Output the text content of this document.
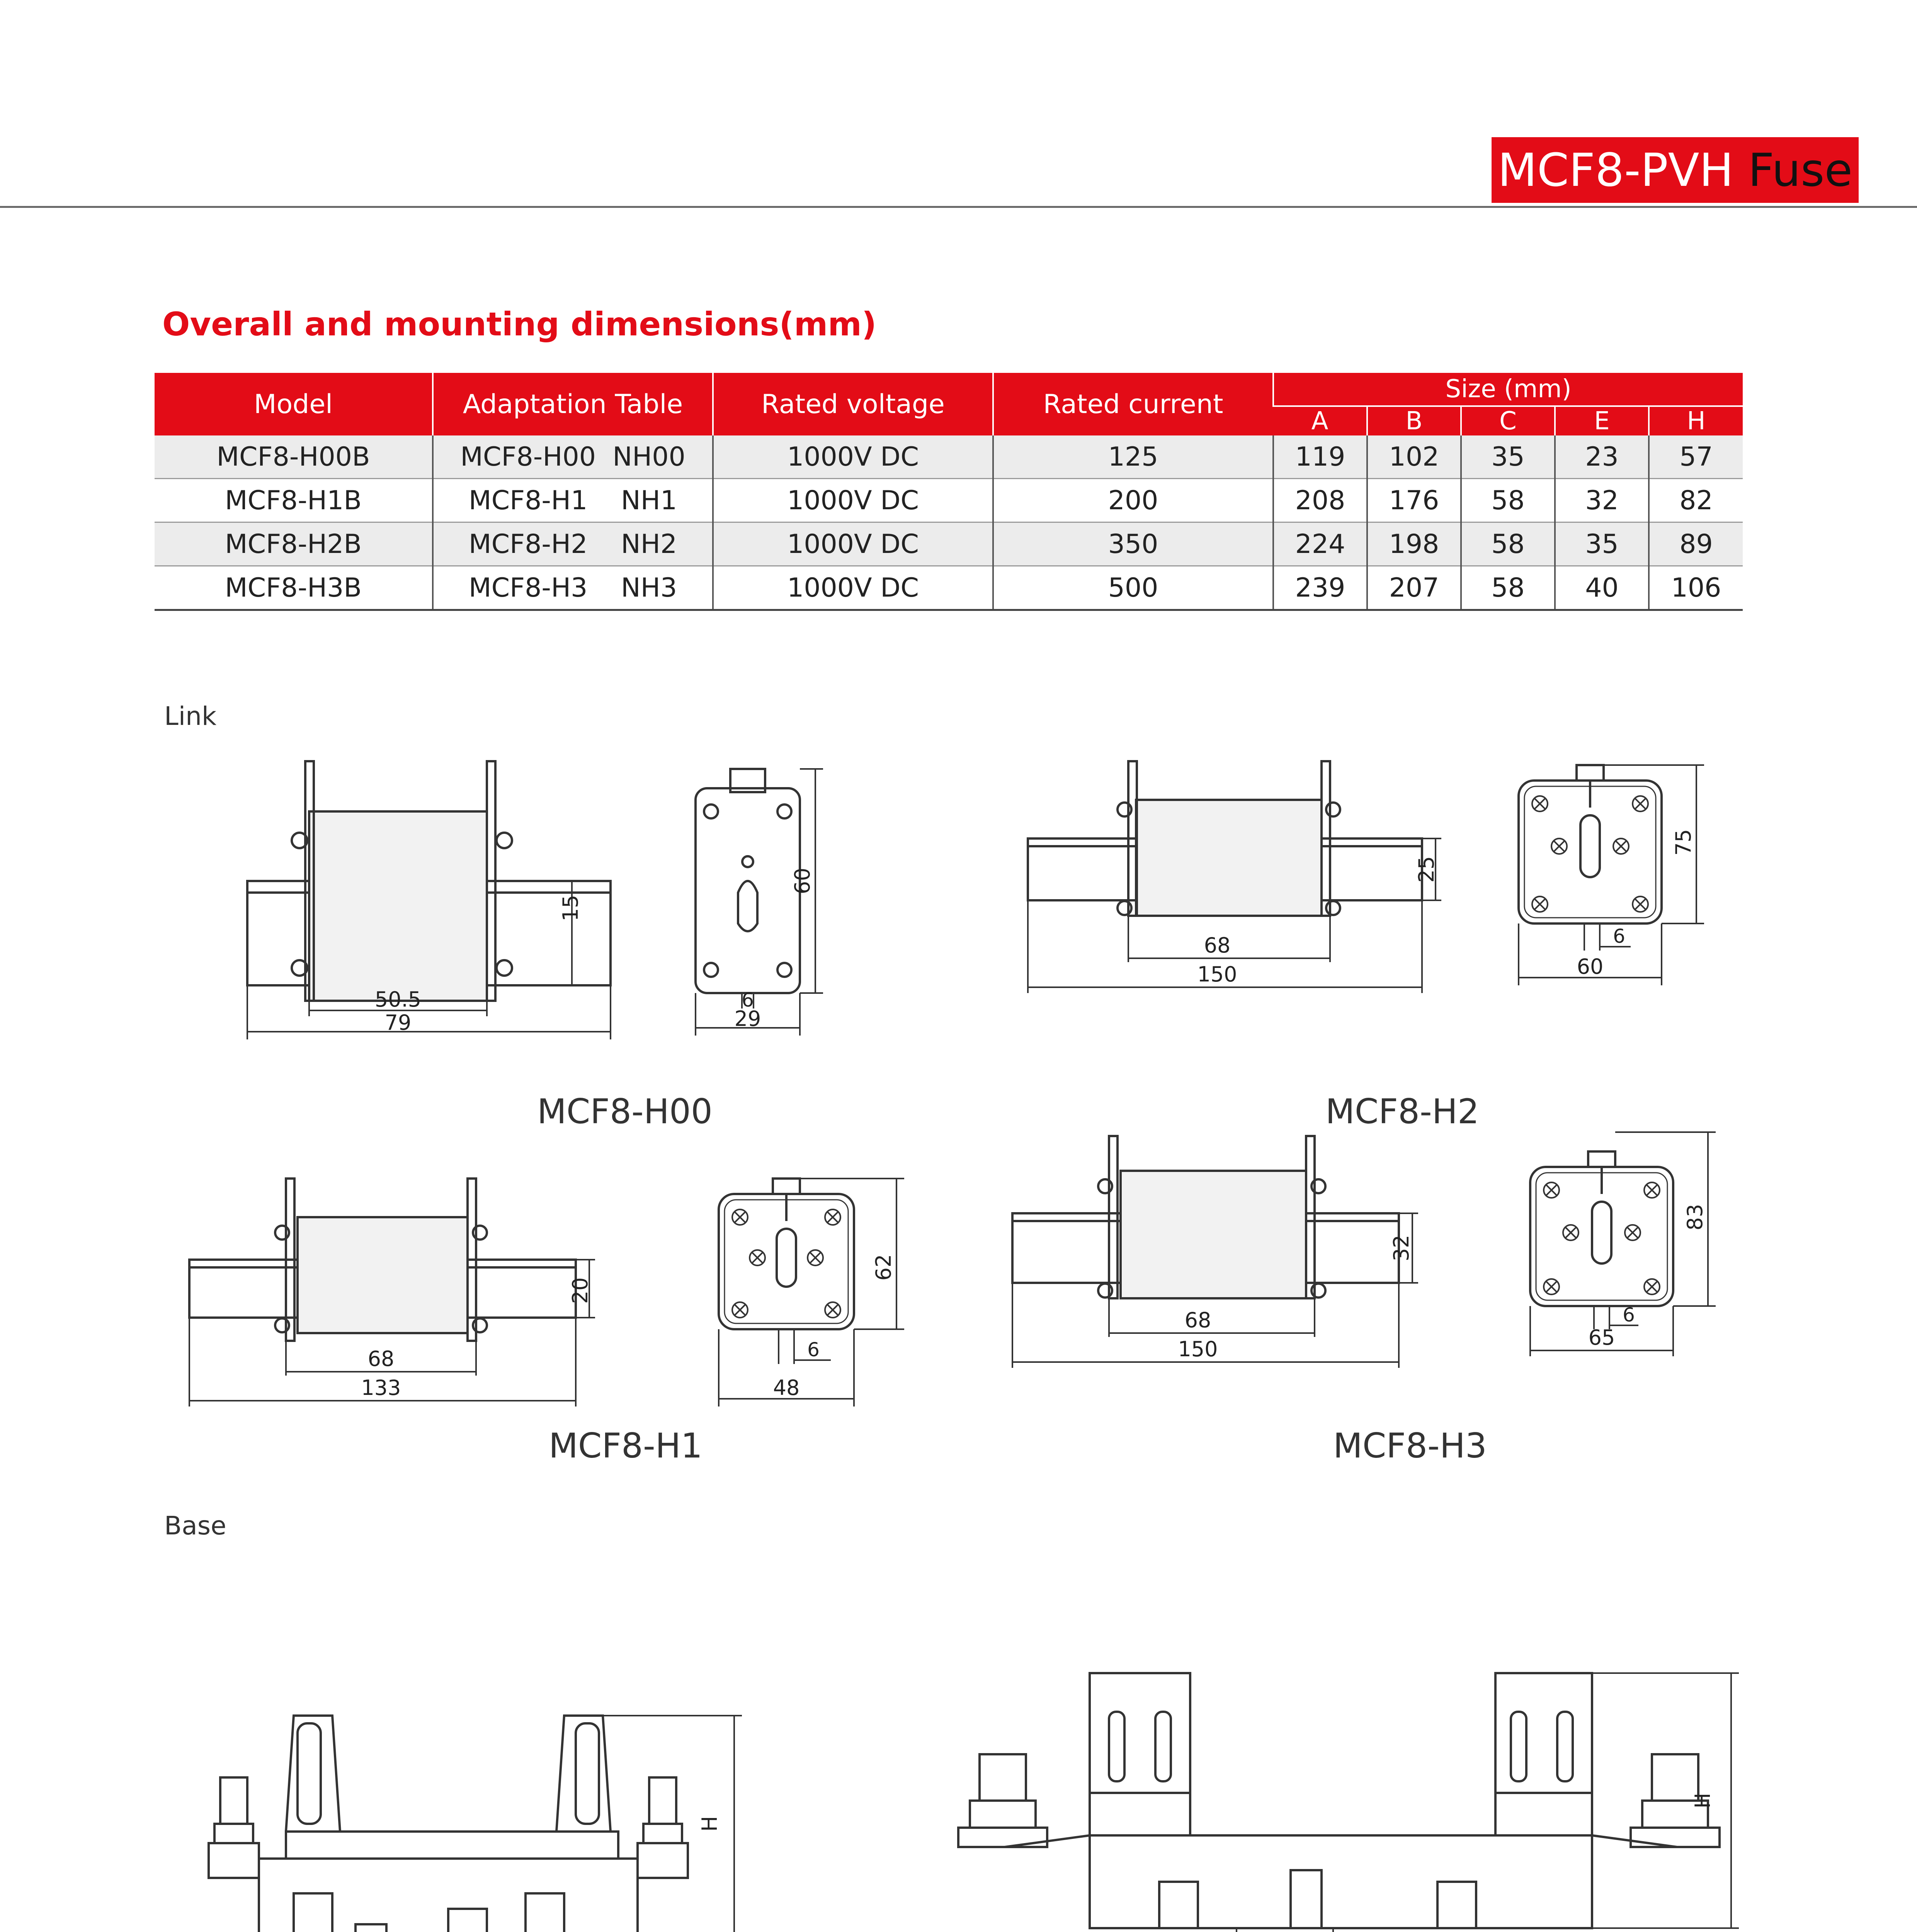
MCF8-PVH Fuse
Overall and mounting dimensions(mm)
Model	Adaptation Table	Rated voltage	Rated current	Size (mm)				
				A	B	C	E	H
MCF8-H00B	MCF8-H00  NH00	1000V DC	125	119	102	35	23	57
MCF8-H1B	MCF8-H1    NH1	1000V DC	200	208	176	58	32	82
MCF8-H2B	MCF8-H2    NH2	1000V DC	350	224	198	58	35	89
MCF8-H3B	MCF8-H3    NH3	1000V DC	500	239	207	58	40	106
Link
Base
50.5
79
15
60
6
29
MCF8-H00
68
150
25
75
6
60
MCF8-H2
68
133
20
62
6
48
MCF8-H1
68
150
32
83
6
65
MCF8-H3
H
H
